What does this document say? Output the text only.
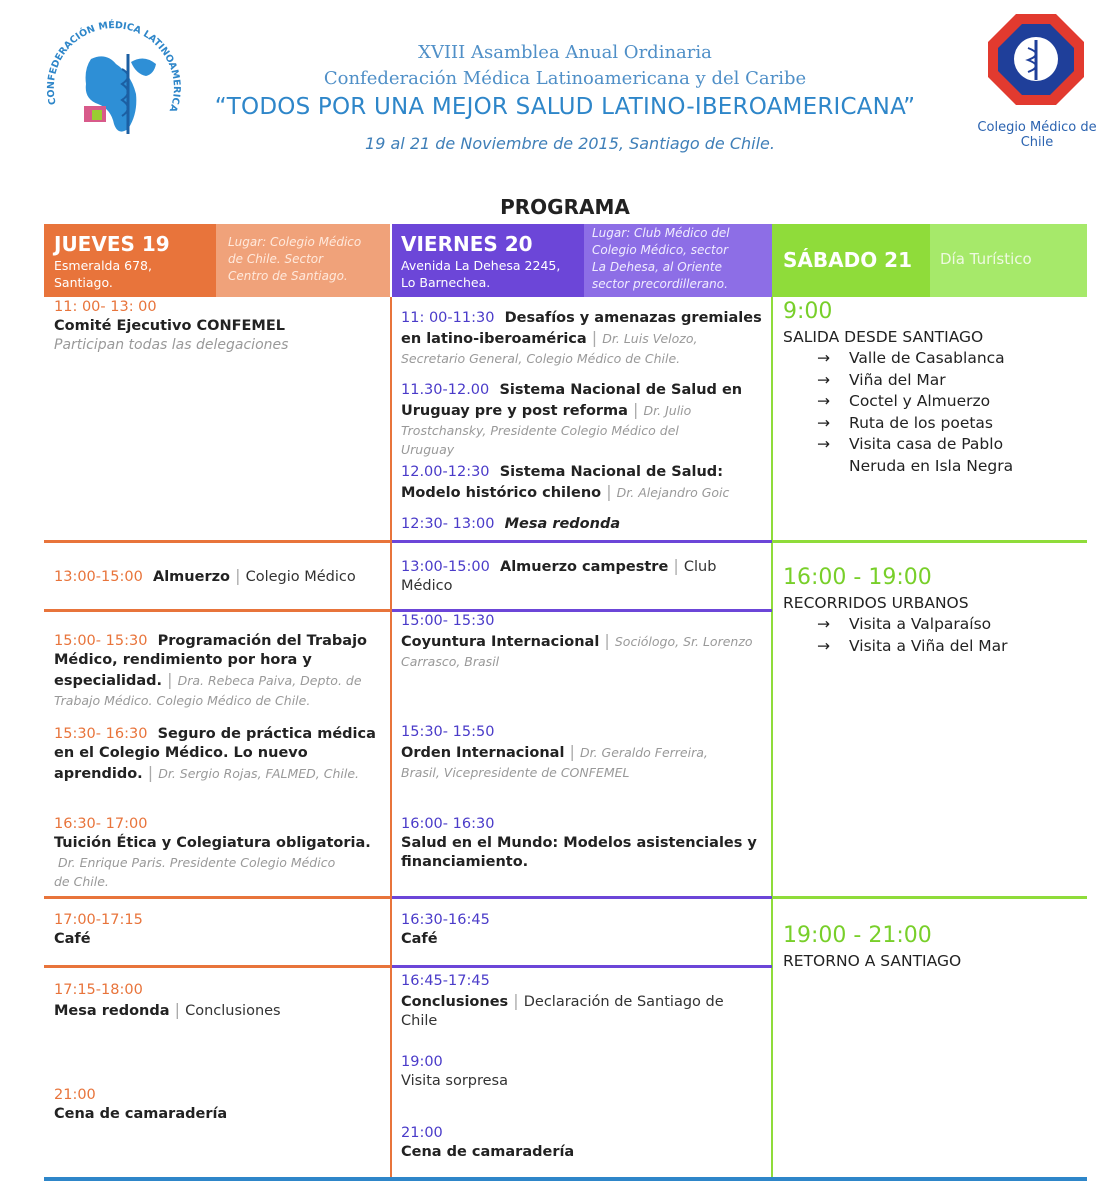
CONFEDERACIÓN MÉDICA LATINOAMERICA
Colegio Médico de Chile
XVIII Asamblea Anual Ordinaria
Confederación Médica Latinoamericana y del Caribe
“TODOS POR UNA MEJOR SALUD LATINO-IBEROAMERICANA”
19 al 21 de Noviembre de 2015, Santiago de Chile.
PROGRAMA
JUEVES 19
Esmeralda 678,
Santiago.
Lugar: Colegio Médico
de Chile. Sector
Centro de Santiago.
VIERNES 20
Avenida La Dehesa 2245,
Lo Barnechea.
Lugar: Club Médico del
Colegio Médico, sector
La Dehesa, al Oriente
sector precordillerano.
SÁBADO 21 Día Turístico
11: 00- 13: 00
Comité Ejecutivo CONFEMEL
Participan todas las delegaciones
13:00-15:00 Almuerzo | Colegio Médico
15:00- 15:30 Programación del Trabajo
Médico, rendimiento por hora y
especialidad. | Dra. Rebeca Paiva, Depto. de
Trabajo Médico. Colegio Médico de Chile.
15:30- 16:30 Seguro de práctica médica
en el Colegio Médico. Lo nuevo
aprendido. | Dr. Sergio Rojas, FALMED, Chile.
16:30- 17:00
Tuición Ética y Colegiatura obligatoria.
Dr. Enrique Paris. Presidente Colegio Médico
de Chile.
17:00-17:15
Café
17:15-18:00
Mesa redonda | Conclusiones
21:00
Cena de camaradería
11: 00-11:30 Desafíos y amenazas gremiales
en latino-iberoamérica | Dr. Luis Velozo,
Secretario General, Colegio Médico de Chile.
11.30-12.00 Sistema Nacional de Salud en
Uruguay pre y post reforma | Dr. Julio
Trostchansky, Presidente Colegio Médico del
Uruguay
12.00-12:30 Sistema Nacional de Salud:
Modelo histórico chileno | Dr. Alejandro Goic
12:30- 13:00 Mesa redonda
13:00-15:00 Almuerzo campestre | Club
Médico
15:00- 15:30
Coyuntura Internacional | Sociólogo, Sr. Lorenzo
Carrasco, Brasil
15:30- 15:50
Orden Internacional | Dr. Geraldo Ferreira,
Brasil, Vicepresidente de CONFEMEL
16:00- 16:30
Salud en el Mundo: Modelos asistenciales y
financiamiento.
16:30-16:45
Café
16:45-17:45
Conclusiones | Declaración de Santiago de
Chile
19:00
Visita sorpresa
21:00
Cena de camaradería
9:00
SALIDA DESDE SANTIAGO
→ Valle de Casablanca
→ Viña del Mar
→ Coctel y Almuerzo
→ Ruta de los poetas
→ Visita casa de Pablo
Neruda en Isla Negra
16:00 - 19:00
RECORRIDOS URBANOS
→ Visita a Valparaíso
→ Visita a Viña del Mar
19:00 - 21:00
RETORNO A SANTIAGO
